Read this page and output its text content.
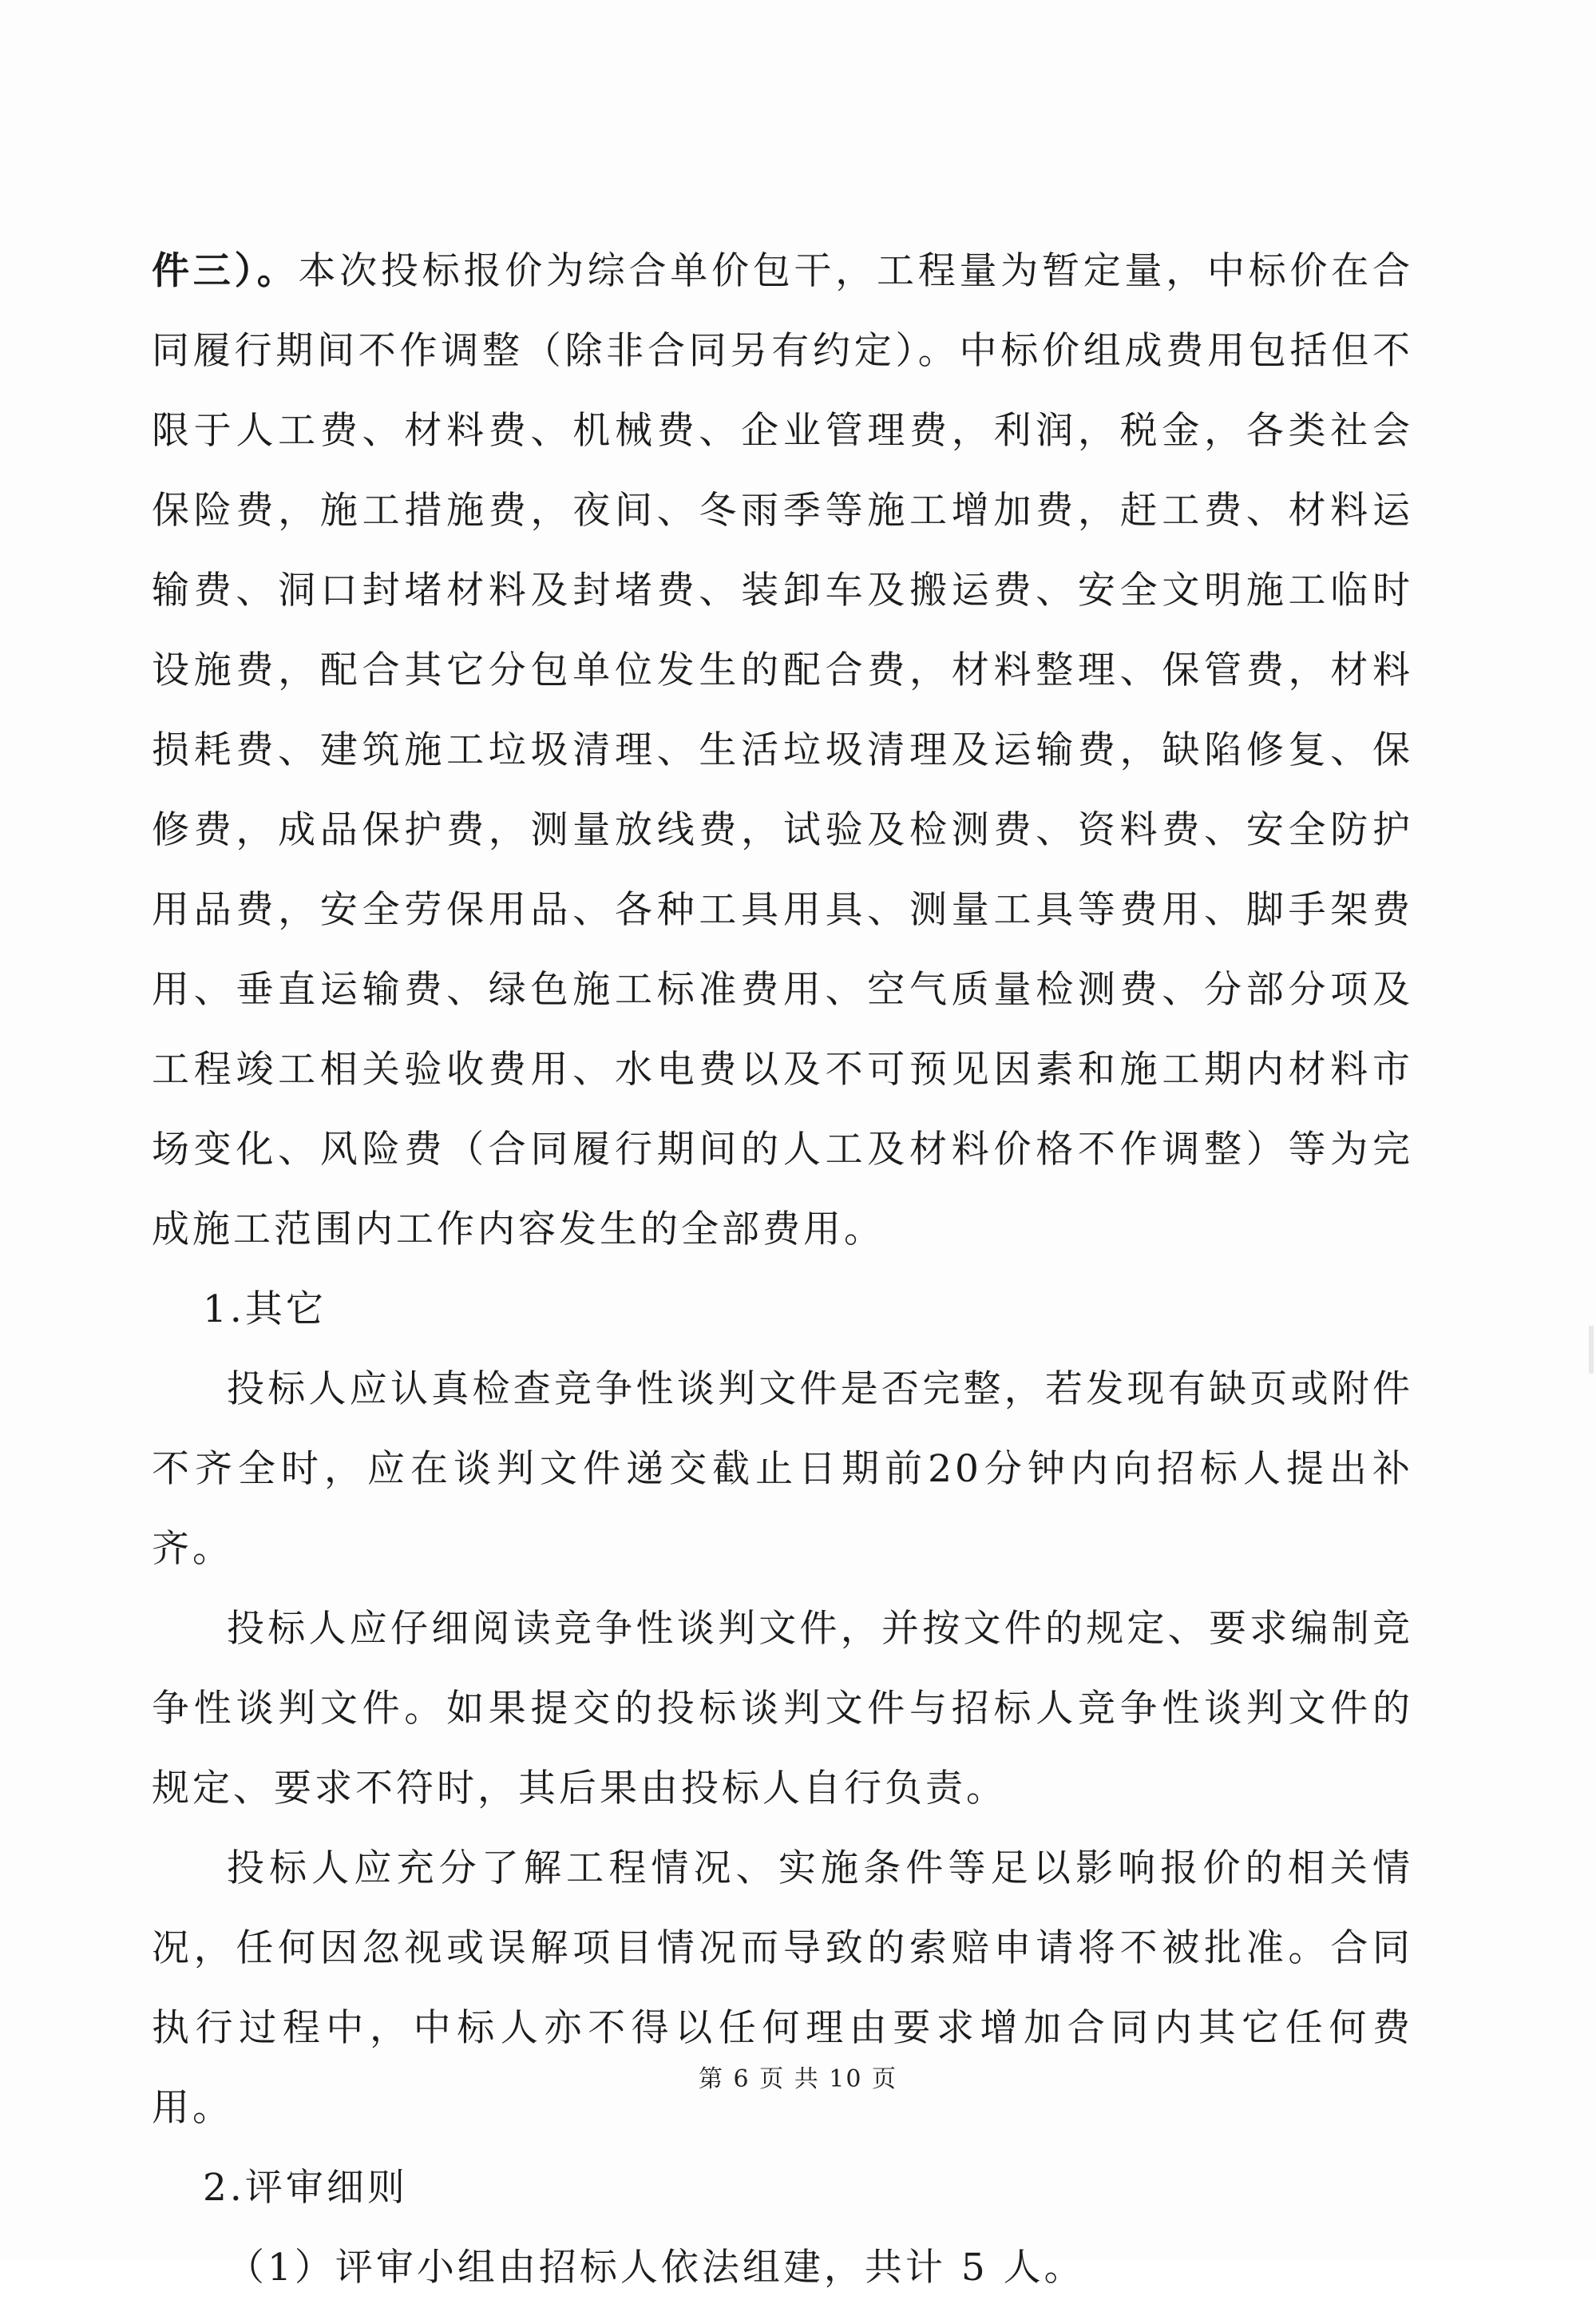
件三）。本次投标报价为综合单价包干，工程量为暂定量，中标价在合同履行期间不作调整（除非合同另有约定）。中标价组成费用包括但不限于人工费、材料费、机械费、企业管理费，利润，税金，各类社会保险费，施工措施费，夜间、冬雨季等施工增加费，赶工费、材料运输费、洞口封堵材料及封堵费、装卸车及搬运费、安全文明施工临时设施费，配合其它分包单位发生的配合费，材料整理、保管费，材料损耗费、建筑施工垃圾清理、生活垃圾清理及运输费，缺陷修复、保修费，成品保护费，测量放线费，试验及检测费、资料费、安全防护用品费，安全劳保用品、各种工具用具、测量工具等费用、脚手架费用、垂直运输费、绿色施工标准费用、空气质量检测费、分部分项及工程竣工相关验收费用、水电费以及不可预见因素和施工期内材料市场变化、风险费（合同履行期间的人工及材料价格不作调整）等为完成施工范围内工作内容发生的全部费用。

1.其它

投标人应认真检查竞争性谈判文件是否完整，若发现有缺页或附件不齐全时，应在谈判文件递交截止日期前20分钟内向招标人提出补齐。

投标人应仔细阅读竞争性谈判文件，并按文件的规定、要求编制竞争性谈判文件。如果提交的投标谈判文件与招标人竞争性谈判文件的规定、要求不符时，其后果由投标人自行负责。

投标人应充分了解工程情况、实施条件等足以影响报价的相关情况，任何因忽视或误解项目情况而导致的索赔申请将不被批准。合同执行过程中，中标人亦不得以任何理由要求增加合同内其它任何费用。

2.评审细则

（1）评审小组由招标人依法组建，共计 5 人。

第 6 页 共 10 页
